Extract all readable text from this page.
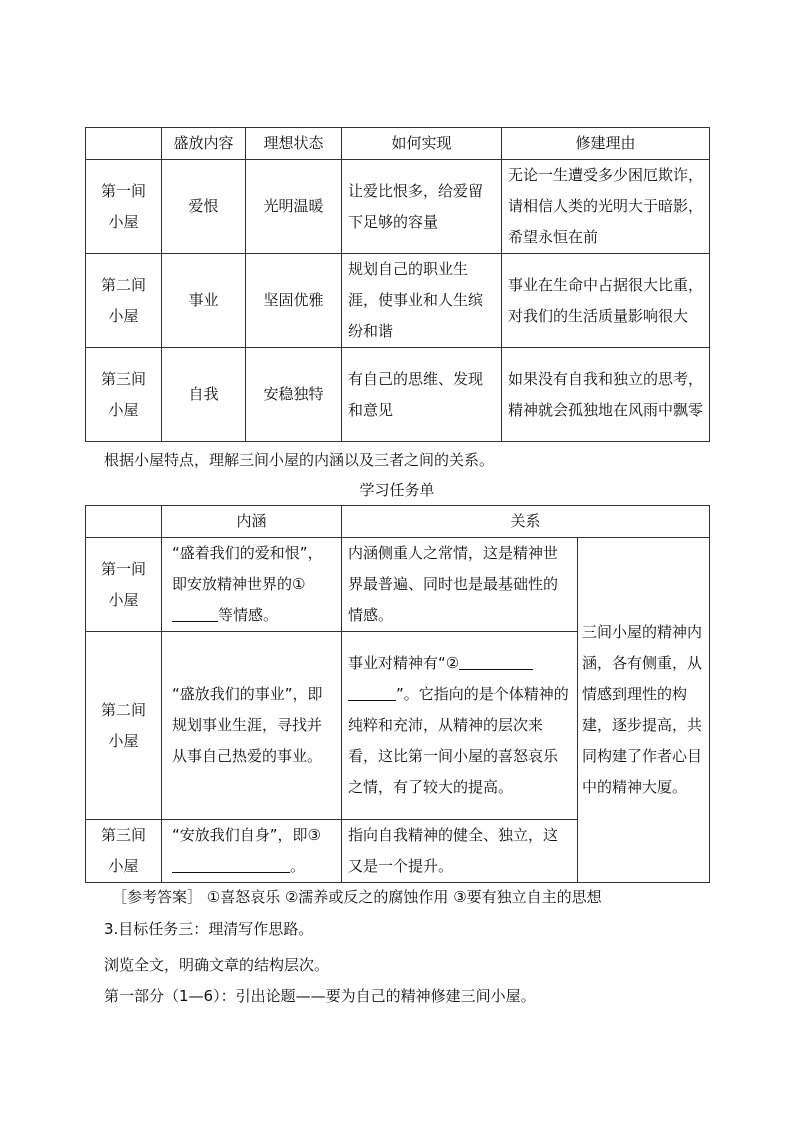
	盛放内容	理想状态	如何实现	修建理由
第一间小屋	爱恨	光明温暖	让爱比恨多，给爱留下足够的容量	无论一生遭受多少困厄欺诈，请相信人类的光明大于暗影，希望永恒在前
第二间小屋	事业	坚固优雅	规划自己的职业生涯，使事业和人生缤纷和谐	事业在生命中占据很大比重，对我们的生活质量影响很大
第三间小屋	自我	安稳独特	有自己的思维、发现和意见	如果没有自我和独立的思考，精神就会孤独地在风雨中飘零
根据小屋特点，理解三间小屋的内涵以及三者之间的关系。
学习任务单
	内涵	关系	
第一间小屋	“盛着我们的爱和恨”，即安放精神世界的①等情感。	内涵侧重人之常情，这是精神世界最普遍、同时也是最基础性的情感。	三间小屋的精神内涵，各有侧重，从情感到理性的构建，逐步提高，共同构建了作者心目中的精神大厦。
第二间小屋	“盛放我们的事业”，即规划事业生涯，寻找并从事自己热爱的事业。	事业对精神有“②”。它指向的是个体精神的纯粹和充沛，从精神的层次来看，这比第一间小屋的喜怒哀乐之情，有了较大的提高。	
第三间小屋	“安放我们自身”，即③。	指向自我精神的健全、独立，这又是一个提升。	
［参考答案］ ①喜怒哀乐 ②濡养或反之的腐蚀作用 ③要有独立自主的思想
3.目标任务三：理清写作思路。
浏览全文，明确文章的结构层次。
第一部分（1—6）：引出论题——要为自己的精神修建三间小屋。
